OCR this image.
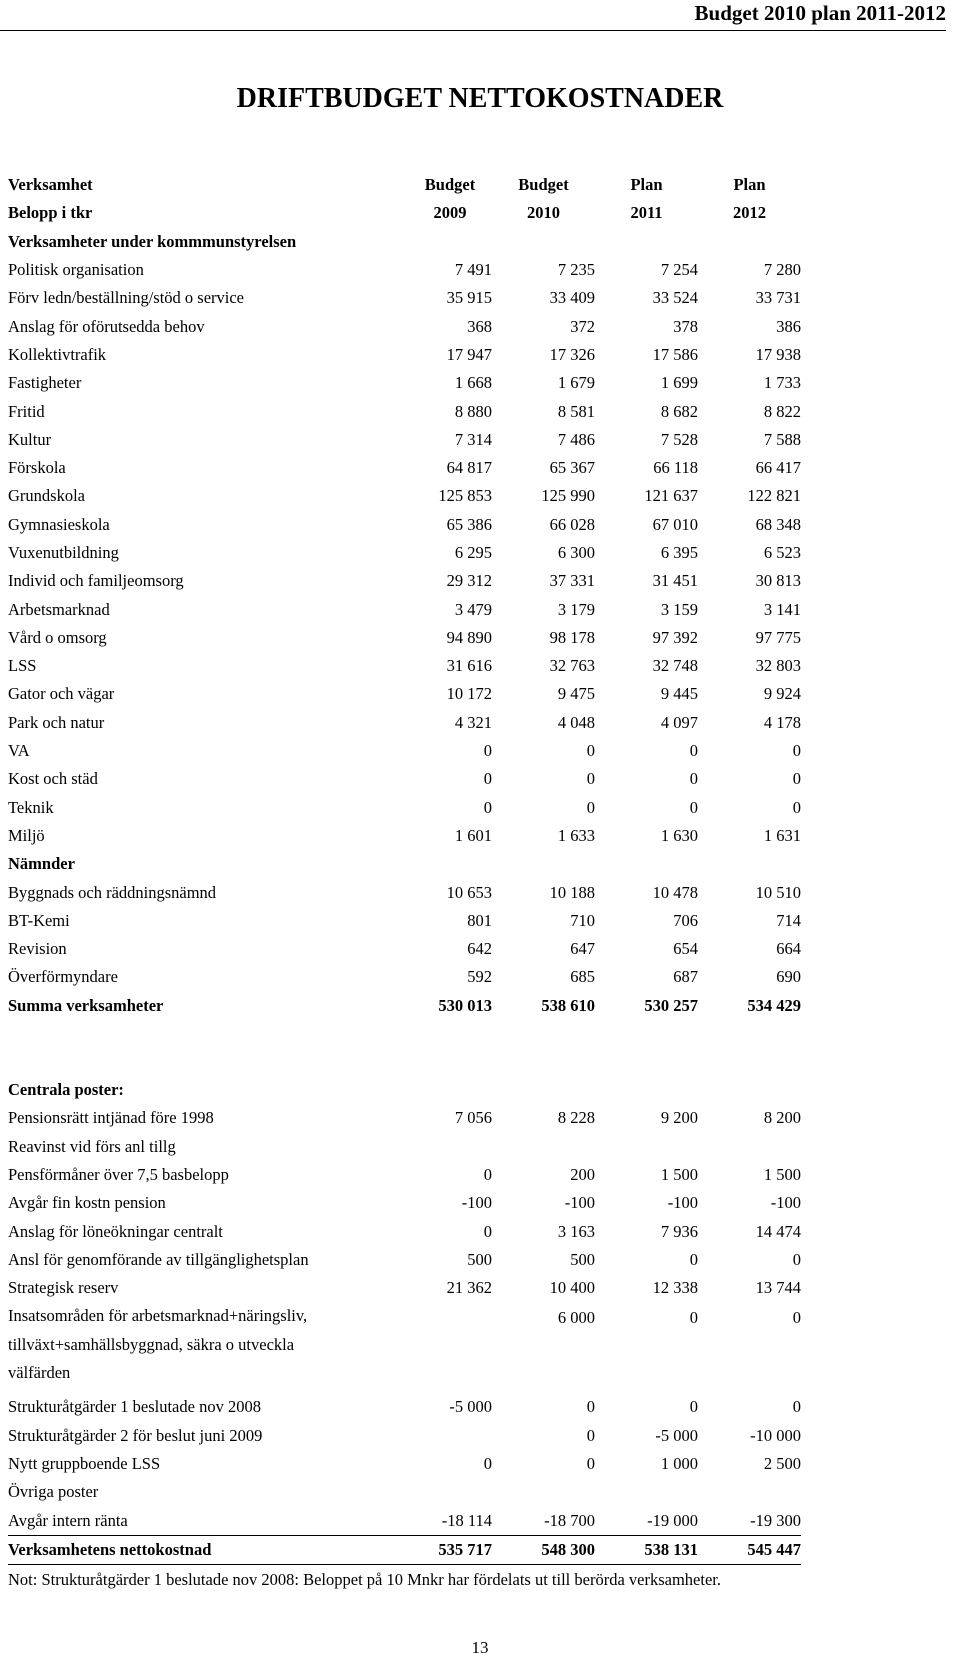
Budget 2010 plan 2011-2012
DRIFTBUDGET NETTOKOSTNADER
Verksamhet	Budget	Budget	Plan	Plan
Belopp i tkr	2009	2010	2011	2012
Verksamheter under kommmunstyrelsen				
Politisk organisation	7 491	7 235	7 254	7 280
Förv ledn/beställning/stöd o service	35 915	33 409	33 524	33 731
Anslag för oförutsedda behov	368	372	378	386
Kollektivtrafik	17 947	17 326	17 586	17 938
Fastigheter	1 668	1 679	1 699	1 733
Fritid	8 880	8 581	8 682	8 822
Kultur	7 314	7 486	7 528	7 588
Förskola	64 817	65 367	66 118	66 417
Grundskola	125 853	125 990	121 637	122 821
Gymnasieskola	65 386	66 028	67 010	68 348
Vuxenutbildning	6 295	6 300	6 395	6 523
Individ och familjeomsorg	29 312	37 331	31 451	30 813
Arbetsmarknad	3 479	3 179	3 159	3 141
Vård o omsorg	94 890	98 178	97 392	97 775
LSS	31 616	32 763	32 748	32 803
Gator och vägar	10 172	9 475	9 445	9 924
Park och natur	4 321	4 048	4 097	4 178
VA	0	0	0	0
Kost och städ	0	0	0	0
Teknik	0	0	0	0
Miljö	1 601	1 633	1 630	1 631
Nämnder				
Byggnads och räddningsnämnd	10 653	10 188	10 478	10 510
BT-Kemi	801	710	706	714
Revision	642	647	654	664
Överförmyndare	592	685	687	690
Summa verksamheter	530 013	538 610	530 257	534 429

Centrala poster:				
Pensionsrätt intjänad före 1998	7 056	8 228	9 200	8 200
Reavinst vid förs anl tillg				
Pensförmåner över 7,5 basbelopp	0	200	1 500	1 500
Avgår fin kostn pension	-100	-100	-100	-100
Anslag för löneökningar centralt	0	3 163	7 936	14 474
Ansl för genomförande av tillgänglighetsplan	500	500	0	0
Strategisk reserv	21 362	10 400	12 338	13 744

Insatsområden för arbetsmarknad+näringsliv, tillväxt+samhällsbyggnad, säkra o utveckla välfärden		6 000	0	0
Strukturåtgärder 1 beslutade nov 2008	-5 000	0	0	0
Strukturåtgärder 2 för beslut juni 2009		0	-5 000	-10 000
Nytt gruppboende LSS	0	0	1 000	2 500
Övriga poster				
Avgår intern ränta	-18 114	-18 700	-19 000	-19 300
Verksamhetens nettokostnad	535 717	548 300	538 131	545 447
Not: Strukturåtgärder 1 beslutade nov 2008: Beloppet på 10 Mnkr har fördelats ut till berörda verksamheter.
13
